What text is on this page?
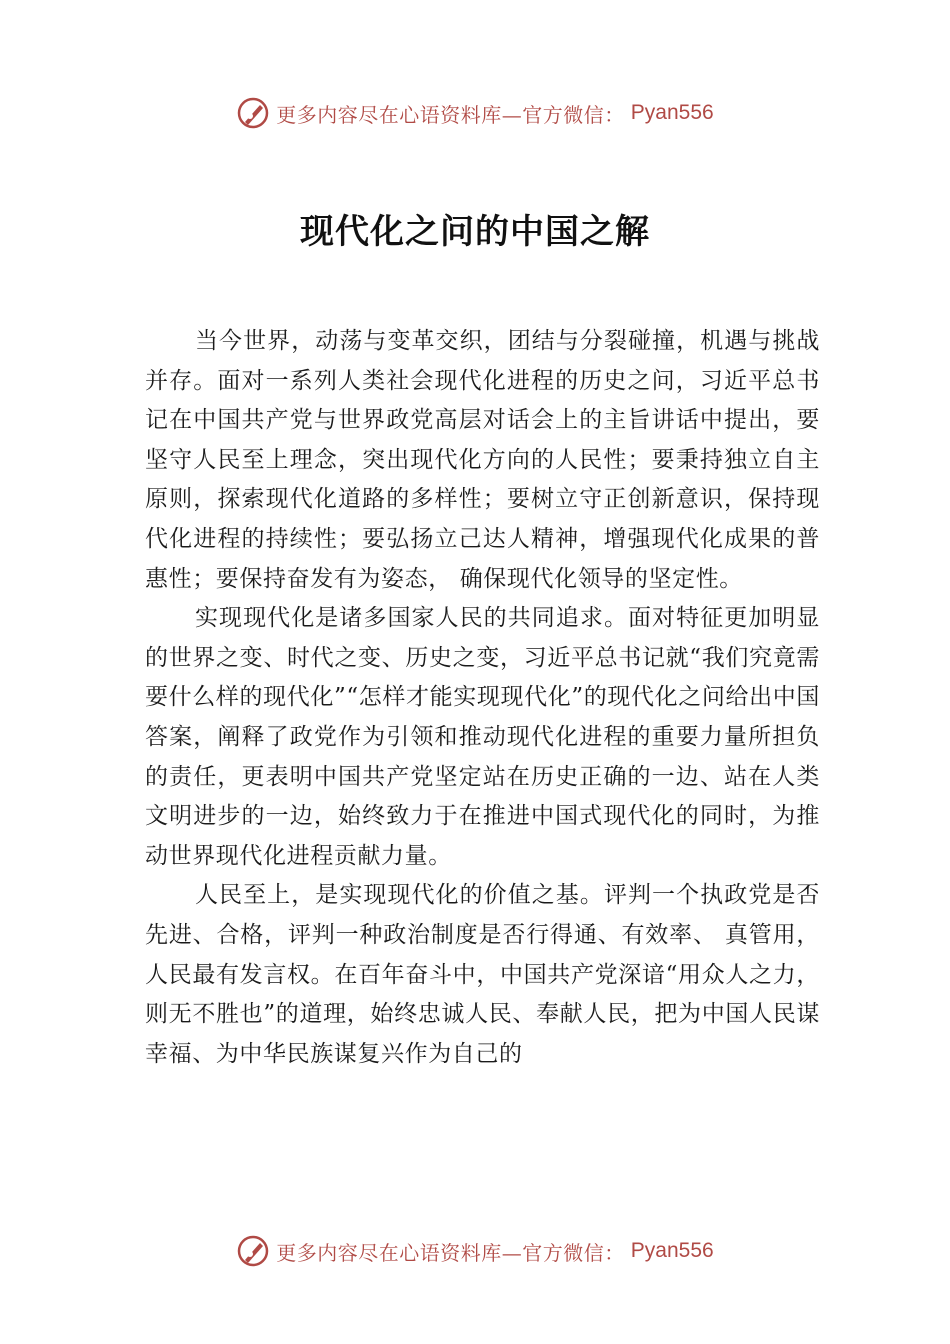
更多内容尽在心语资料库—官方微信： Pyan556
现代化之问的中国之解

当今世界，动荡与变革交织，团结与分裂碰撞，机遇与挑战并存。面对一系列人类社会现代化进程的历史之问，习近平总书记在中国共产党与世界政党高层对话会上的主旨讲话中提出，要坚守人民至上理念，突出现代化方向的人民性；要秉持独立自主原则，探索现代化道路的多样性；要树立守正创新意识，保持现代化进程的持续性；要弘扬立己达人精神，增强现代化成果的普惠性；要保持奋发有为姿态， 确保现代化领导的坚定性。

实现现代化是诸多国家人民的共同追求。面对特征更加明显的世界之变、时代之变、历史之变，习近平总书记就“我们究竟需要什么样的现代化”“怎样才能实现现代化”的现代化之问给出中国答案，阐释了政党作为引领和推动现代化进程的重要力量所担负的责任，更表明中国共产党坚定站在历史正确的一边、站在人类文明进步的一边，始终致力于在推进中国式现代化的同时，为推动世界现代化进程贡献力量。

人民至上，是实现现代化的价值之基。评判一个执政党是否先进、合格，评判一种政治制度是否行得通、有效率、 真管用，人民最有发言权。在百年奋斗中，中国共产党深谙“用众人之力，则无不胜也”的道理，始终忠诚人民、奉献人民，把为中国人民谋幸福、为中华民族谋复兴作为自己的

更多内容尽在心语资料库—官方微信： Pyan556
